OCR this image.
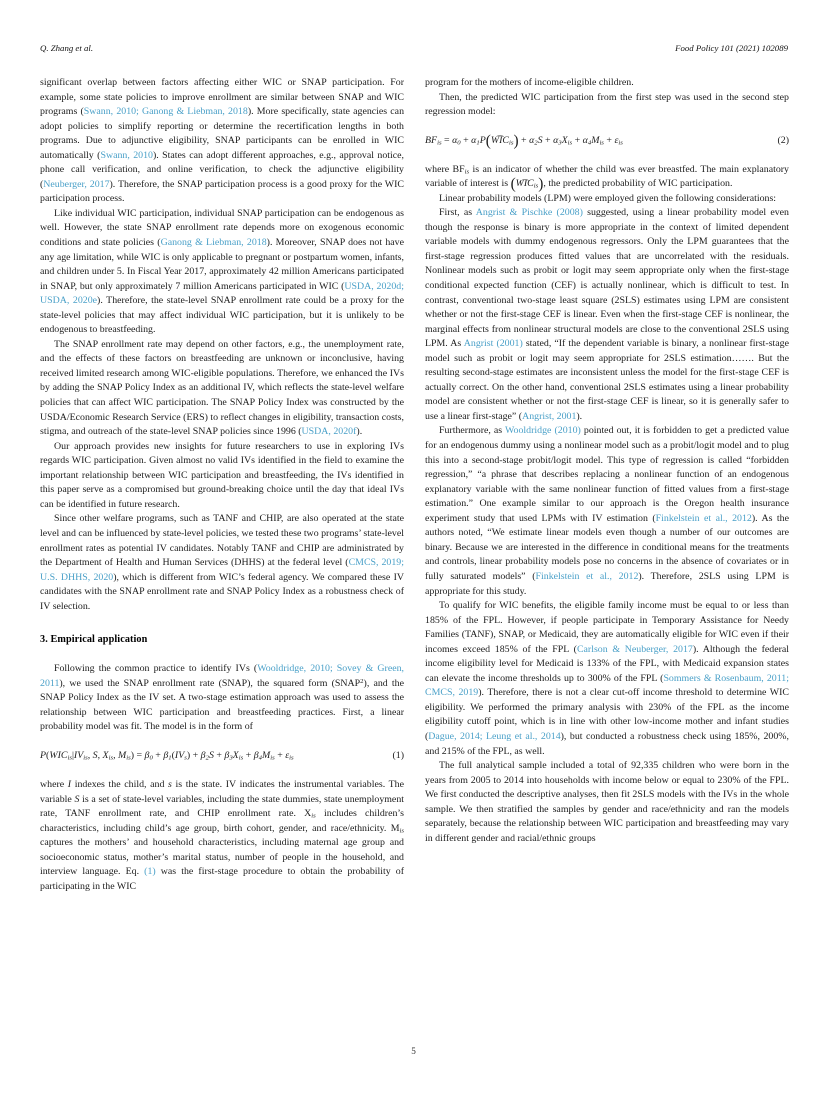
Q. Zhang et al.	Food Policy 101 (2021) 102089

significant overlap between factors affecting either WIC or SNAP participation. For example, some state policies to improve enrollment are similar between SNAP and WIC programs (Swann, 2010; Ganong & Liebman, 2018). More specifically, state agencies can adopt policies to simplify reporting or determine the recertification lengths in both programs. Due to adjunctive eligibility, SNAP participants can be enrolled in WIC automatically (Swann, 2010). States can adopt different approaches, e.g., approval notice, phone call verification, and online verification, to check the adjunctive eligibility (Neuberger, 2017). Therefore, the SNAP participation process is a good proxy for the WIC participation process.

Like individual WIC participation, individual SNAP participation can be endogenous as well. However, the state SNAP enrollment rate depends more on exogenous economic conditions and state policies (Ganong & Liebman, 2018). Moreover, SNAP does not have any age limitation, while WIC is only applicable to pregnant or postpartum women, infants, and children under 5. In Fiscal Year 2017, approximately 42 million Americans participated in SNAP, but only approximately 7 million Americans participated in WIC (USDA, 2020d; USDA, 2020e). Therefore, the state-level SNAP enrollment rate could be a proxy for the state-level policies that may affect individual WIC participation, but it is unlikely to be endogenous to breastfeeding.

The SNAP enrollment rate may depend on other factors, e.g., the unemployment rate, and the effects of these factors on breastfeeding are unknown or inconclusive, having received limited research among WIC-eligible populations. Therefore, we enhanced the IVs by adding the SNAP Policy Index as an additional IV, which reflects the state-level welfare policies that can affect WIC participation. The SNAP Policy Index was constructed by the USDA/Economic Research Service (ERS) to reflect changes in eligibility, transaction costs, stigma, and outreach of the state-level SNAP policies since 1996 (USDA, 2020f).

Our approach provides new insights for future researchers to use in exploring IVs regards WIC participation. Given almost no valid IVs identified in the field to examine the important relationship between WIC participation and breastfeeding, the IVs identified in this paper serve as a compromised but ground-breaking choice until the day that ideal IVs can be identified in future research.

Since other welfare programs, such as TANF and CHIP, are also operated at the state level and can be influenced by state-level policies, we tested these two programs’ state-level enrollment rates as potential IV candidates. Notably TANF and CHIP are administrated by the Department of Health and Human Services (DHHS) at the federal level (CMCS, 2019; U.S. DHHS, 2020), which is different from WIC’s federal agency. We compared these IV candidates with the SNAP enrollment rate and SNAP Policy Index as a robustness check of IV selection.

3. Empirical application

Following the common practice to identify IVs (Wooldridge, 2010; Sovey & Green, 2011), we used the SNAP enrollment rate (SNAP), the squared form (SNAP$^2$), and the SNAP Policy Index as the IV set. A two-stage estimation approach was used to assess the relationship between WIC participation and breastfeeding practices. First, a linear probability model was fit. The model is in the form of

$P(WIC_{is}|IV_{is}$, S, $X_{is}$, $M_{is}) = \beta_0 + \beta_1(IV_s) + \beta_2S + \beta_3X_{is} + \beta_4M_{is} + \varepsilon_{is}$	(1)

where I indexes the child, and s is the state. IV indicates the instrumental variables. The variable S is a set of state-level variables, including the state dummies, state unemployment rate, TANF enrollment rate, and CHIP enrollment rate. $X_{is}$ includes children’s characteristics, including child’s age group, birth cohort, gender, and race/ethnicity. $M_{is}$ captures the mothers’ and household characteristics, including maternal age group and socioeconomic status, mother’s marital status, number of people in the household, and interview language. Eq. (1) was the first-stage procedure to obtain the probability of participating in the WIC

program for the mothers of income-eligible children.

Then, the predicted WIC participation from the first step was used in the second step regression model:

$BF_{is} = \alpha_0$ + $\alpha_1P(⌢$ $WIC_{is}) + \alpha_2S + \alpha_3X_{is} + \alpha_4M_{is} + \varepsilon_{is}$	(2)

where $BF_{is}$ is an indicator of whether the child was ever breastfed. The main explanatory variable of interest is (⌢ $WIC_{is}$), the predicted probability of WIC participation.

Linear probability models (LPM) were employed given the following considerations:

First, as Angrist & Pischke (2008) suggested, using a linear probability model even though the response is binary is more appropriate in the context of limited dependent variable models with dummy endogenous regressors. Only the LPM guarantees that the first-stage regression produces fitted values that are uncorrelated with the residuals. Nonlinear models such as probit or logit may seem appropriate only when the first-stage conditional expected function (CEF) is actually nonlinear, which is difficult to test. In contrast, conventional two-stage least square (2SLS) estimates using LPM are consistent whether or not the first-stage CEF is linear. Even when the first-stage CEF is nonlinear, the marginal effects from nonlinear structural models are close to the conventional 2SLS using LPM. As Angrist (2001) stated, “If the dependent variable is binary, a nonlinear first-stage model such as probit or logit may seem appropriate for 2SLS estimation……. But the resulting second-stage estimates are inconsistent unless the model for the first-stage CEF is actually correct. On the other hand, conventional 2SLS estimates using a linear probability model are consistent whether or not the first-stage CEF is linear, so it is generally safer to use a linear first-stage” (Angrist, 2001).

Furthermore, as Wooldridge (2010) pointed out, it is forbidden to get a predicted value for an endogenous dummy using a nonlinear model such as a probit/logit model and to plug this into a second-stage probit/logit model. This type of regression is called “forbidden regression,” “a phrase that describes replacing a nonlinear function of an endogenous explanatory variable with the same nonlinear function of fitted values from a first-stage estimation.” One example similar to our approach is the Oregon health insurance experiment study that used LPMs with IV estimation (Finkelstein et al., 2012). As the authors noted, “We estimate linear models even though a number of our outcomes are binary. Because we are interested in the difference in conditional means for the treatments and controls, linear probability models pose no concerns in the absence of covariates or in fully saturated models” (Finkelstein et al., 2012). Therefore, 2SLS using LPM is appropriate for this study.

To qualify for WIC benefits, the eligible family income must be equal to or less than 185% of the FPL. However, if people participate in Temporary Assistance for Needy Families (TANF), SNAP, or Medicaid, they are automatically eligible for WIC even if their incomes exceed 185% of the FPL (Carlson & Neuberger, 2017). Although the federal income eligibility level for Medicaid is 133% of the FPL, with Medicaid expansion states can elevate the income thresholds up to 300% of the FPL (Sommers & Rosenbaum, 2011; CMCS, 2019). Therefore, there is not a clear cut-off income threshold to determine WIC eligibility. We performed the primary analysis with 230% of the FPL as the income eligibility cutoff point, which is in line with other low-income mother and infant studies (Dague, 2014; Leung et al., 2014), but conducted a robustness check using 185%, 200%, and 215% of the FPL, as well.

The full analytical sample included a total of 92,335 children who were born in the years from 2005 to 2014 into households with income below or equal to 230% of the FPL. We first conducted the descriptive analyses, then fit 2SLS models with the IVs in the whole sample. We then stratified the samples by gender and race/ethnicity and ran the models separately, because the relationship between WIC participation and breastfeeding may vary in different gender and racial/ethnic groups

5
